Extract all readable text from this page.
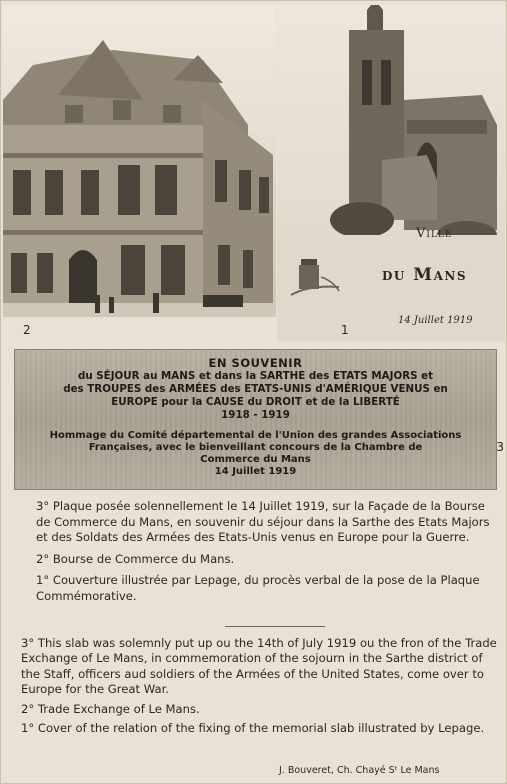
2	1
Ville
du Mans
14 Juillet 1919
EN SOUVENIR
du SÉJOUR au MANS et dans la SARTHE des ETATS MAJORS et
des TROUPES des ARMÉES des ETATS-UNIS d'AMÉRIQUE VENUS en
EUROPE pour la CAUSE du DROIT et de la LIBERTÉ
1918 - 1919
Hommage du Comité départemental de l'Union des grandes Associations
Françaises, avec le bienveillant concours de la Chambre de
Commerce du Mans
14 Juillet 1919
3

3° Plaque posée solennellement le 14 Juillet 1919, sur la Façade de la Bourse de Commerce du Mans, en souvenir du séjour dans la Sarthe des Etats Majors et des Soldats des Armées des Etats-Unis venus en Europe pour la Guerre.

2° Bourse de Commerce du Mans.

1° Couverture illustrée par Lepage, du procès verbal de la pose de la Plaque Commémorative.

3° This slab was solemnly put up ou the 14th of July 1919 ou the fron of the Trade Exchange of Le Mans, in commemoration of the sojourn in the Sarthe district of the Staff, officers aud soldiers of the Armées of the United States, come over to Europe for the Great War.

2° Trade Exchange of Le Mans.

1° Cover of the relation of the fixing of the memorial slab illustrated by Lepage.

J. Bouveret, Ch. Chayé Sᵗ Le Mans
